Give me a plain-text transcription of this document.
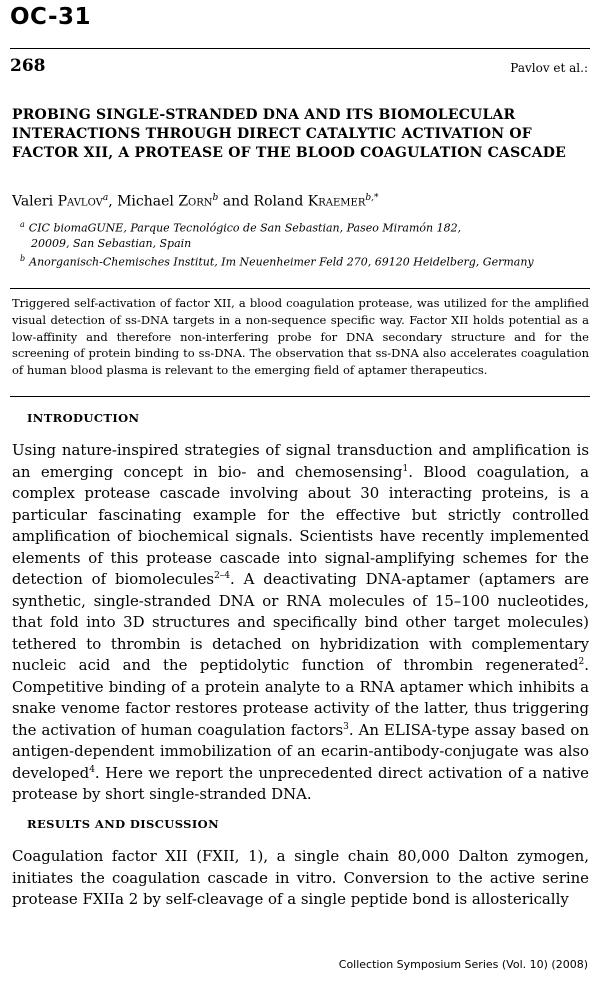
OC-31
268	Pavlov et al.:
PROBING SINGLE-STRANDED DNA AND ITS BIOMOLECULAR INTERACTIONS THROUGH DIRECT CATALYTIC ACTIVATION OF FACTOR XII, A PROTEASE OF THE BLOOD COAGULATION CASCADE
Valeri Pavlov$^a$, Michael Zorn$^b$ and Roland Kraemer$^{b,*}$
$^a$ CIC biomaGUNE, Parque Tecnológico de San Sebastian, Paseo Miramón 182,
20009, San Sebastian, Spain
$^b$ Anorganisch-Chemisches Institut, Im Neuenheimer Feld 270, 69120 Heidelberg, Germany
Triggered self-activation of factor XII, a blood coagulation protease, was utilized for the amplified visual detection of ss-DNA targets in a non-sequence specific way. Factor XII holds potential as a low-affinity and therefore non-interfering probe for DNA secondary structure and for the screening of protein binding to ss-DNA. The observation that ss-DNA also accelerates coagulation of human blood plasma is relevant to the emerging field of aptamer therapeutics.
INTRODUCTION
Using nature-inspired strategies of signal transduction and amplification is an emerging concept in bio- and chemosensing$^1$. Blood coagulation, a complex protease cascade involving about 30 interacting proteins, is a particular fascinating example for the effective but strictly controlled amplification of biochemical signals. Scientists have recently implemented elements of this protease cascade into signal-amplifying schemes for the detection of biomolecules$^{2-4}$. A deactivating DNA-aptamer (aptamers are synthetic, single-stranded DNA or RNA molecules of 15–100 nucleotides, that fold into 3D structures and specifically bind other target molecules) tethered to thrombin is detached on hybridization with complementary nucleic acid and the peptidolytic function of thrombin regenerated$^2$. Competitive binding of a protein analyte to a RNA aptamer which inhibits a snake venome factor restores protease activity of the latter, thus triggering the activation of human coagulation factors$^3$. An ELISA-type assay based on antigen-dependent immobilization of an ecarin-antibody-conjugate was also developed$^4$. Here we report the unprecedented direct activation of a native protease by short single-stranded DNA.
RESULTS AND DISCUSSION
Coagulation factor XII (FXII, 1), a single chain 80,000 Dalton zymogen, initiates the coagulation cascade in vitro. Conversion to the active serine protease FXIIa 2 by self-cleavage of a single peptide bond is allosterically
Collection Symposium Series (Vol. 10) (2008)
